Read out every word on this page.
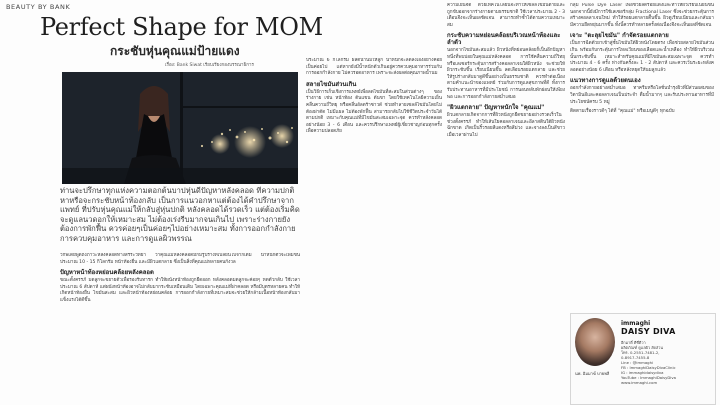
BEAUTY BY BANK
Perfect Shape for MOM
กระชับหุ่นคุณแม่ป้ายแดง
เรื่อง: Bank Siwat เรียบเรียงกองบรรณาธิการ

ท่านจะปรึกษาทุกแห่งความตอกต้นบาปหุ่นดีปัญหาหลังคลอด ที่ความปกติหาหรือจะกระชับหน้าท้องกลับ เป็นการแนวอกหาแต่ต้องได้คำปรึกษาจากแพทย์ ที่ปรับหุ่นคุณแม่ให้กลับสู่หุ่นปกติ หลังคลอดได้รวดเร็ว แต่ต้องเริ่มคิดจะดูแลนวดอกให้เหมาะสม ไม่ต้องเร่งรีบมากจนเกินไป เพราะร่างกายยังต้องการพักฟื้น ควรค่อยๆเป็นค่อยๆไปอย่างเหมาะสม ทั้งการออกกำลังกาย การควบคุมอาหาร และการดูแลผิวพรรณ

วิกิพีเดียพูดถึงภาวะหลังคลอดทางสรีระวิทยา ว่าคุณแม่หลังคลอดมักมีรูปร่างที่เปลี่ยนไปจากเดิม น้ำหนักตัวจะเพิ่มขึ้นประมาณ 10 - 15 กิโลกรัม หน้าท้องยื่น และมีผิวแตกลาย ซึ่งเป็นสิ่งที่คุณแม่หลายคนกังวล

ปัญหาหน้าท้องหย่อนคล้อยหลังคลอด

ขณะตั้งครรภ์ มดลูกจะขยายตัวเพื่อรองรับทารก ทำให้ผนังหน้าท้องถูกยืดออก หลังคลอดมดลูกจะค่อยๆ หดตัวกลับ ใช้เวลาประมาณ 6 สัปดาห์ แต่ผนังหน้าท้องอาจไม่กลับมากระชับเหมือนเดิม โดยเฉพาะคุณแม่ที่ผ่าคลอด หรือมีบุตรหลายคน ทำให้เกิดหน้าท้องยื่น ไขมันสะสม และผิวหน้าท้องหย่อนคล้อย การออกกำลังกายที่เหมาะสมจะช่วยให้กล้ามเนื้อหน้าท้องกลับมาแข็งแรงได้ดีขึ้น

ประมาณ 6 กิโลกรัม ผลิตน้ำนมให้ลูก น้ำหนักจะลดลงเองอย่างค่อยเป็นค่อยไป แต่หากยังมีน้ำหนักตัวเกินอยู่ควรควบคุมอาหารร่วมกับการออกกำลังกาย ไม่ควรอดอาหาร เพราะจะส่งผลต่อคุณภาพน้ำนม

สลายไขมันส่วนเกิน

เป็นวิธีการเก็บเชิงการแพทย์เพื่อลดไขมันที่สะสมในส่วนต่างๆ ของร่างกาย เช่น หน้าท้อง ต้นแขน ต้นขา โดยใช้เทคโนโลยีความเย็น คลื่นความถี่วิทยุ หรือคลื่นอัลตร้าซาวด์ ช่วยทำลายเซลล์ไขมันโดยไม่ต้องผ่าตัด ไม่มีแผล ไม่ต้องพักฟื้น สามารถกลับไปใช้ชีวิตประจำวันได้ตามปกติ เหมาะกับคุณแม่ที่มีไขมันสะสมเฉพาะจุด ควรทำหลังคลอดอย่างน้อย 3 - 6 เดือน และควรปรึกษาแพทย์ผู้เชี่ยวชาญก่อนทุกครั้ง เพื่อความปลอดภัย

ความเย็นจัด ด้วยเทคโนโลยีนี้จะทำให้เซลล์ไขมันตายและถูกขับออกจากร่างกายตามธรรมชาติ ใช้เวลาประมาณ 2 - 3 เดือนจึงจะเห็นผลชัดเจน สามารถทำซ้ำได้ตามความเหมาะสม

กระชับความหย่อนคล้อยบริเวณหน้าท้องและลำตัว

นอกจากไขมันสะสมแล้ว ผิวหนังที่หย่อนคล้อยก็เป็นอีกปัญหาหนึ่งที่พบบ่อยในคุณแม่หลังคลอด การใช้คลื่นความถี่วิทยุหรือเลเซอร์กระตุ้นการสร้างคอลลาเจนใต้ผิวหนัง จะช่วยให้ผิวกระชับขึ้น เรียบเนียนขึ้น ลดเลือนรอยแตกลาย และช่วยให้รูปร่างกลับมาดูดีขึ้นอย่างเป็นธรรมชาติ ควรทำต่อเนื่องตามคำแนะนำของแพทย์ ร่วมกับการดูแลสุขภาพที่ดี ทั้งการรับประทานอาหารที่มีประโยชน์ การนอนหลับพักผ่อนให้เพียงพอ และการออกกำลังกายสม่ำเสมอ

"ผิวแตกลาย" ปัญหาหนักใจ "คุณแม่"

ผิวแตกลายเกิดจากการที่ผิวหนังถูกยืดขยายอย่างรวดเร็วในช่วงตั้งครรภ์ ทำให้เส้นใยคอลลาเจนและอีลาสตินใต้ผิวหนังฉีกขาด เกิดเป็นริ้วรอยสีแดงหรือสีม่วง และจางลงเป็นสีขาวเมื่อเวลาผ่านไป

กลุ่ม Pulse Dye Laser เพื่อช่วยลดรอยแดงและทำให้ผิวเรียบเนียนขึ้น นอกจากนี้ยังมีการใช้เลเซอร์กลุ่ม Fractional Laser ซึ่งจะช่วยกระตุ้นการสร้างคอลลาเจนใหม่ ทำให้รอยแตกลายตื้นขึ้น ผิวดูเรียบเนียนและกลับมามีความยืดหยุ่นมากขึ้น ทั้งนี้ควรทำหลายครั้งต่อเนื่องจึงจะเห็นผลที่ชัดเจน

เจาะ "ตะลุยไขมัน" กำจัดรอยแตกลาย

เป็นการฉีดตัวยาเข้าสู่ชั้นไขมันใต้ผิวหนังโดยตรง เพื่อช่วยสลายไขมันส่วนเกิน พร้อมกับกระตุ้นการไหลเวียนของเลือดและน้ำเหลือง ทำให้ผิวบริเวณนั้นกระชับขึ้น เหมาะสำหรับคุณแม่ที่มีไขมันสะสมเฉพาะจุด ควรทำประมาณ 4 - 6 ครั้ง ห่างกันครั้งละ 1 - 2 สัปดาห์ และควรเว้นระยะหลังคลอดอย่างน้อย 6 เดือน หรือหลังหยุดให้นมลูกแล้ว

แนวทางการดูแลด้วยตนเอง

ออกกำลังกายอย่างสม่ำเสมอ ทาครีมหรือโลชั่นบำรุงผิวที่มีส่วนผสมของวิตามินอีและคอลลาเจนเป็นประจำ ดื่มน้ำมากๆ และรับประทานอาหารที่มีประโยชน์ครบ 5 หมู่

ติดตามเรื่องราวดีๆ ได้ที่ "คุณแม่" หรือเมนูดีๆ ทุกฉบับ

immaghi
DAISY DIVA
อีกมาดี๋ ดีซี่ดีวา
ผลิตภัณฑ์ ดูแลผิว สัดส่วน
โทร. 0-2551-7481-2,
0-8917-7455-8
Line : @immaghi
FB : ImmaghiDaisyDivaClinic
IG : immaghidaisydiva
YouTube : ImmaghiDaisyDiva
www.immaghi.com
นพ. อิมมาฆี่ บายพลี
